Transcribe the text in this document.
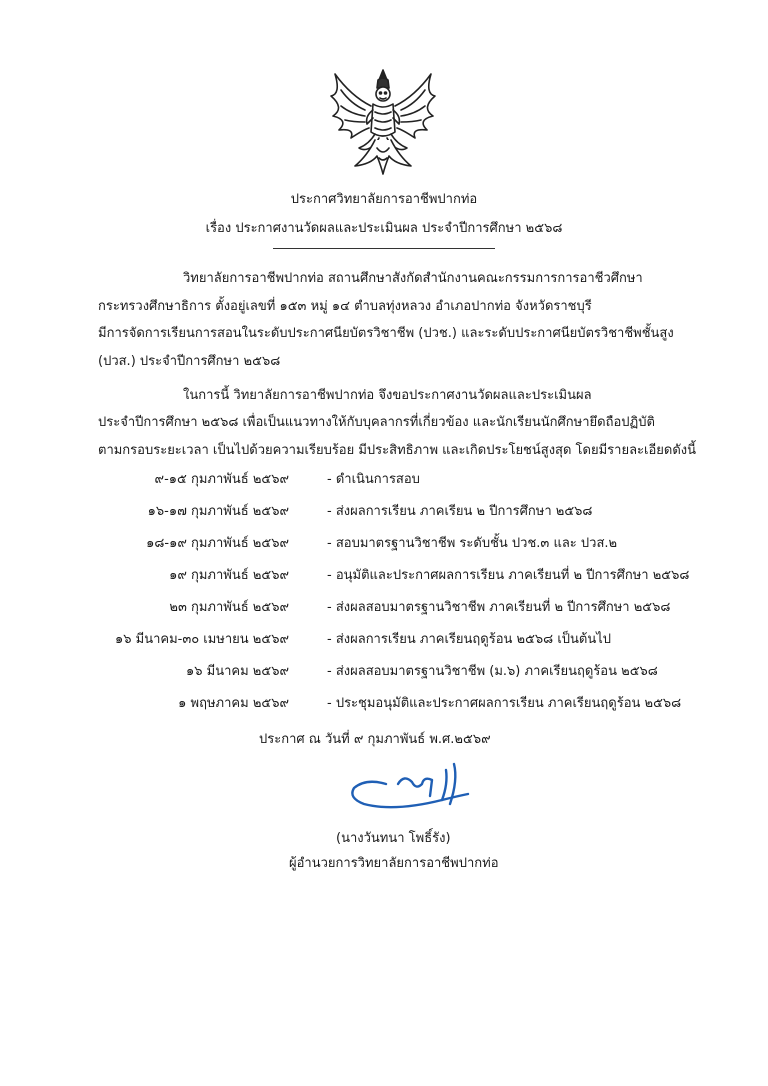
ประกาศวิทยาลัยการอาชีพปากท่อ
เรื่อง ประกาศงานวัดผลและประเมินผล ประจำปีการศึกษา ๒๕๖๘
วิทยาลัยการอาชีพปากท่อ สถานศึกษาสังกัดสำนักงานคณะกรรมการการอาชีวศึกษา
กระทรวงศึกษาธิการ ตั้งอยู่เลขที่ ๑๕๓ หมู่ ๑๔ ตำบลทุ่งหลวง อำเภอปากท่อ จังหวัดราชบุรี
มีการจัดการเรียนการสอนในระดับประกาศนียบัตรวิชาชีพ (ปวช.) และระดับประกาศนียบัตรวิชาชีพชั้นสูง
(ปวส.) ประจำปีการศึกษา ๒๕๖๘
ในการนี้ วิทยาลัยการอาชีพปากท่อ จึงขอประกาศงานวัดผลและประเมินผล
ประจำปีการศึกษา ๒๕๖๘ เพื่อเป็นแนวทางให้กับบุคลากรที่เกี่ยวข้อง และนักเรียนนักศึกษายึดถือปฏิบัติ
ตามกรอบระยะเวลา เป็นไปด้วยความเรียบร้อย มีประสิทธิภาพ และเกิดประโยชน์สูงสุด โดยมีรายละเอียดดังนี้
๙-๑๕ กุมภาพันธ์ ๒๕๖๙	- ดำเนินการสอบ
๑๖-๑๗ กุมภาพันธ์ ๒๕๖๙	- ส่งผลการเรียน ภาคเรียน ๒ ปีการศึกษา ๒๕๖๘
๑๘-๑๙ กุมภาพันธ์ ๒๕๖๙	- สอบมาตรฐานวิชาชีพ ระดับชั้น ปวช.๓ และ ปวส.๒
๑๙ กุมภาพันธ์ ๒๕๖๙	- อนุมัติและประกาศผลการเรียน ภาคเรียนที่ ๒ ปีการศึกษา ๒๕๖๘
๒๓ กุมภาพันธ์ ๒๕๖๙	- ส่งผลสอบมาตรฐานวิชาชีพ ภาคเรียนที่ ๒ ปีการศึกษา ๒๕๖๘
๑๖ มีนาคม-๓๐ เมษายน ๒๕๖๙	- ส่งผลการเรียน ภาคเรียนฤดูร้อน ๒๕๖๘ เป็นต้นไป
๑๖ มีนาคม ๒๕๖๙	- ส่งผลสอบมาตรฐานวิชาชีพ (ม.๖) ภาคเรียนฤดูร้อน ๒๕๖๘
๑ พฤษภาคม ๒๕๖๙	- ประชุมอนุมัติและประกาศผลการเรียน ภาคเรียนฤดูร้อน ๒๕๖๘
ประกาศ ณ วันที่ ๙ กุมภาพันธ์ พ.ศ.๒๕๖๙
(นางวันทนา โพธิ์รัง)
ผู้อำนวยการวิทยาลัยการอาชีพปากท่อ
